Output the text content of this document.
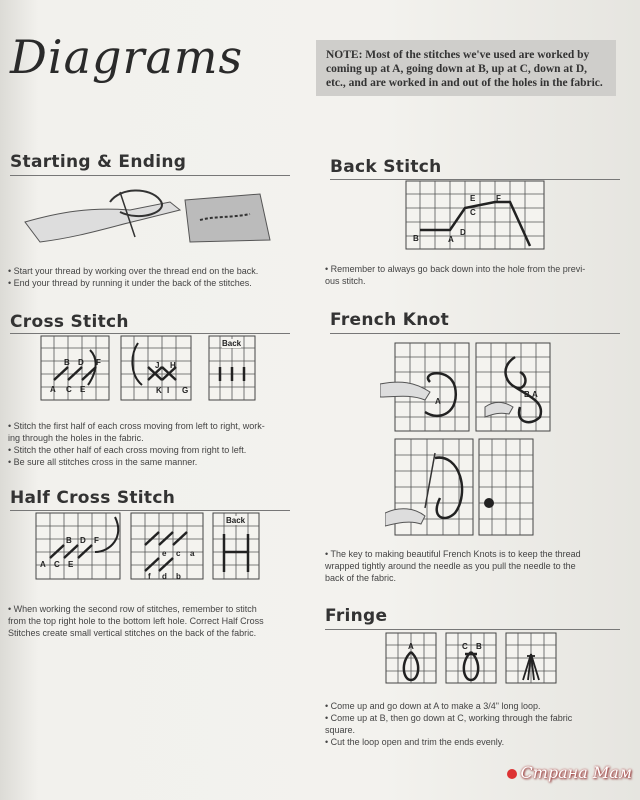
Diagrams	NOTE: Most of the stitches we've used are worked by coming up at A, going down at B, up at C, down at D, etc., and are worked in and out of the holes in the fabric.
Starting & Ending
• Start your thread by working over the thread end on the back.
• End your thread by running it under the back of the stitches.
Cross Stitch
B D F
A C E
J H
K I G
Back
• Stitch the first half of each cross moving from left to right, work-
ing through the holes in the fabric.
• Stitch the other half of each cross moving from right to left.
• Be sure all stitches cross in the same manner.
Half Cross Stitch
B D F
A C E
e c a
f d b
Back
• When working the second row of stitches, remember to stitch
from the top right hole to the bottom left hole. Correct Half Cross
Stitches create small vertical stitches on the back of the fabric.
Back Stitch
F
E
C
B
D
A
• Remember to always go back down into the hole from the previ-
ous stitch.
French Knot
A
B A
• The key to making beautiful French Knots is to keep the thread
wrapped tightly around the needle as you pull the needle to the
back of the fabric.
Fringe
A	C B
• Come up and go down at A to make a 3/4" long loop.
• Come up at B, then go down at C, working through the fabric
square.
• Cut the loop open and trim the ends evenly.
Страна Мам
